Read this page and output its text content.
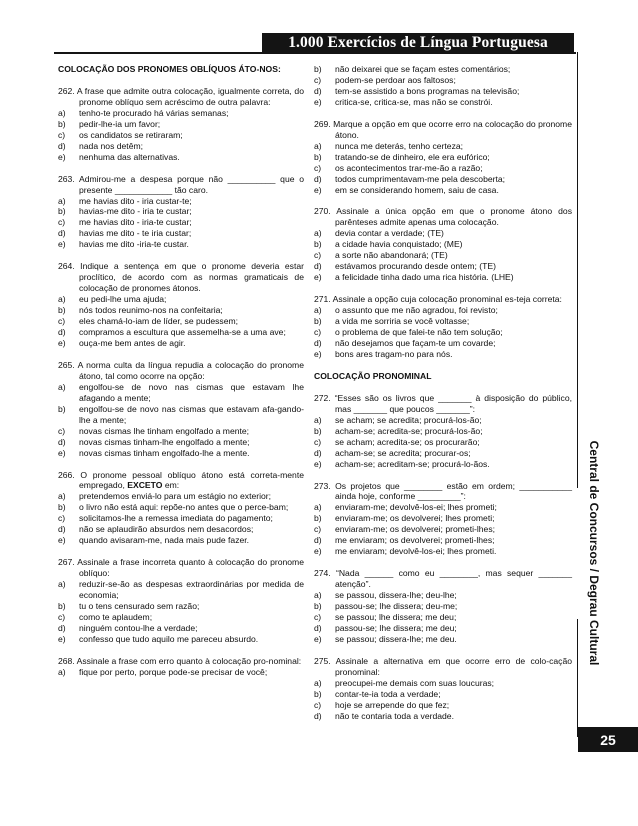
1.000 Exercícios de Língua Portuguesa
Central de Concursos / Degrau Cultural
25
COLOCAÇÃO DOS PRONOMES OBLÍQUOS ÁTO-NOS:
262. A frase que admite outra colocação, igualmente correta, do pronome oblíquo sem acréscimo de outra palavra:
a) tenho-te procurado há várias semanas;
b) pedir-lhe-ia um favor;
c) os candidatos se retiraram;
d) nada nos detêm;
e) nenhuma das alternativas.
263. Admirou-me a despesa porque não __________ que o presente ____________ tão caro.
a) me havias dito - iria custar-te;
b) havias-me dito - iria te custar;
c) me havias dito - iria-te custar;
d) havias me dito - te iria custar;
e) havias me dito -iria-te custar.
264. Indique a sentença em que o pronome deveria estar proclítico, de acordo com as normas gramaticais de colocação de pronomes átonos.
a) eu pedi-lhe uma ajuda;
b) nós todos reunimo-nos na confeitaria;
c) eles chamá-lo-iam de líder, se pudessem;
d) compramos a escultura que assemelha-se a uma ave;
e) ouça-me bem antes de agir.
265. A norma culta da língua repudia a colocação do pronome átono, tal como ocorre na opção:
a) engolfou-se de novo nas cismas que estavam lhe afagando a mente;
b) engolfou-se de novo nas cismas que estavam afa-gando-lhe a mente;
c) novas cismas lhe tinham engolfado a mente;
d) novas cismas tinham-lhe engolfado a mente;
e) novas cismas tinham engolfado-lhe a mente.
266. O pronome pessoal oblíquo átono está correta-mente empregado, EXCETO em:
a) pretendemos enviá-lo para um estágio no exterior;
b) o livro não está aqui: repõe-no antes que o perce-bam;
c) solicitamos-lhe a remessa imediata do pagamento;
d) não se aplaudirão absurdos nem desacordos;
e) quando avisaram-me, nada mais pude fazer.
267. Assinale a frase incorreta quanto à colocação do pronome oblíquo:
a) reduzir-se-ão as despesas extraordinárias por medida de economia;
b) tu o tens censurado sem razão;
c) como te aplaudem;
d) ninguém contou-lhe a verdade;
e) confesso que tudo aquilo me pareceu absurdo.
268. Assinale a frase com erro quanto à colocação pro-nominal:
a) fique por perto, porque pode-se precisar de você;
b) não deixarei que se façam estes comentários;
c) podem-se perdoar aos faltosos;
d) tem-se assistido a bons programas na televisão;
e) critica-se, critica-se, mas não se constrói.
269. Marque a opção em que ocorre erro na colocação do pronome átono.
a) nunca me deterás, tenho certeza;
b) tratando-se de dinheiro, ele era eufórico;
c) os acontecimentos trar-me-ão a razão;
d) todos cumprimentavam-me pela descoberta;
e) em se considerando homem, saiu de casa.
270. Assinale a única opção em que o pronome átono dos parênteses admite apenas uma colocação.
a) devia contar a verdade; (TE)
b) a cidade havia conquistado; (ME)
c) a sorte não abandonará; (TE)
d) estávamos procurando desde ontem; (TE)
e) a felicidade tinha dado uma rica história. (LHE)
271. Assinale a opção cuja colocação pronominal es-teja correta:
a) o assunto que me não agradou, foi revisto;
b) a vida me sorriria se você voltasse;
c) o problema de que falei-te não tem solução;
d) não desejamos que façam-te um covarde;
e) bons ares tragam-no para nós.
COLOCAÇÃO PRONOMINAL
272. “Esses são os livros que _______ à disposição do público, mas _______ que poucos _______”:
a) se acham; se acredita; procurá-los-ão;
b) acham-se; acredita-se; procurá-los-ão;
c) se acham; acredita-se; os procurarão;
d) acham-se; se acredita; procurar-os;
e) acham-se; acreditam-se; procurá-lo-ãos.
273. Os projetos que ________ estão em ordem; ___________ ainda hoje, conforme _________”:
a) enviaram-me; devolvê-los-ei; lhes prometi;
b) enviaram-me; os devolverei; lhes prometi;
c) enviaram-me; os devolverei; prometi-lhes;
d) me enviaram; os devolverei; prometi-lhes;
e) me enviaram; devolvê-los-ei; lhes prometi.
274. “Nada ______ como eu ________, mas sequer _______ atenção”.
a) se passou, dissera-lhe; deu-lhe;
b) passou-se; lhe dissera; deu-me;
c) se passou; lhe dissera; me deu;
d) passou-se; lhe dissera; me deu;
e) se passou; dissera-lhe; me deu.
275. Assinale a alternativa em que ocorre erro de colo-cação pronominal:
a) preocupei-me demais com suas loucuras;
b) contar-te-ia toda a verdade;
c) hoje se arrepende do que fez;
d) não te contaria toda a verdade.
